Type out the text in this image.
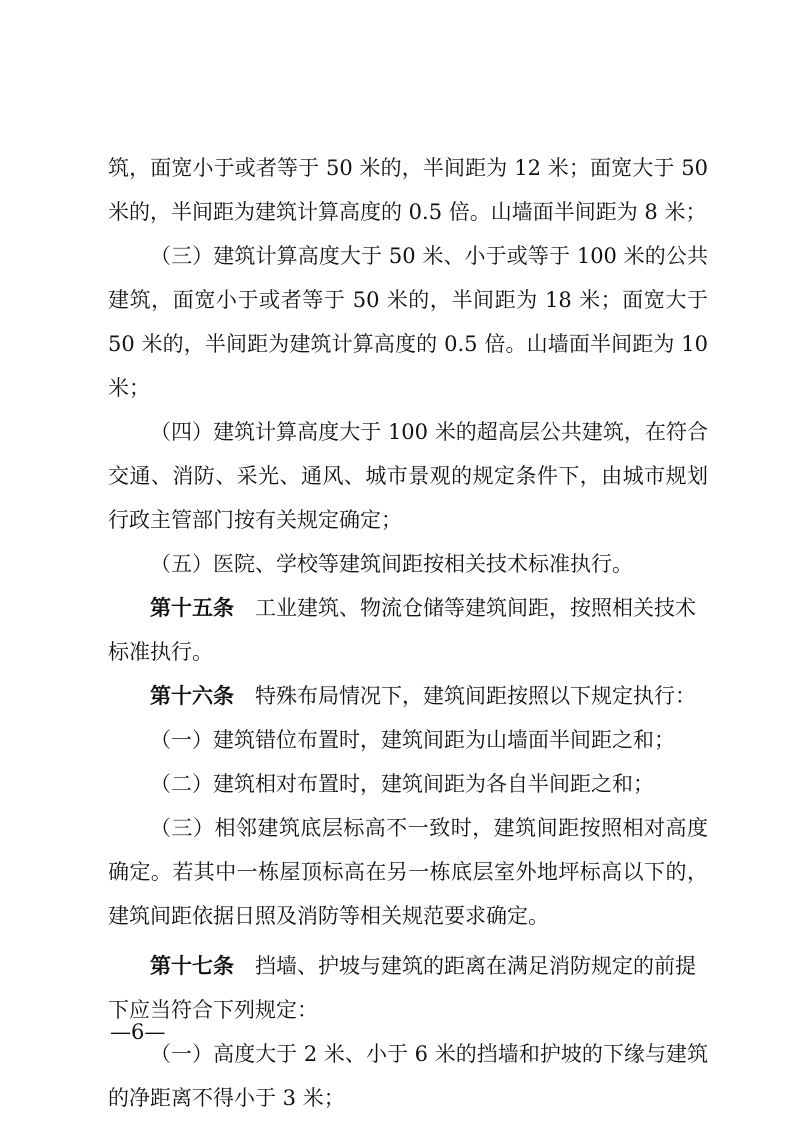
筑，面宽小于或者等于 50 米的，半间距为 12 米；面宽大于 50
米的，半间距为建筑计算高度的 0.5 倍。山墙面半间距为 8 米；
（三）建筑计算高度大于 50 米、小于或等于 100 米的公共
建筑，面宽小于或者等于 50 米的，半间距为 18 米；面宽大于
50 米的，半间距为建筑计算高度的 0.5 倍。山墙面半间距为 10
米；
（四）建筑计算高度大于 100 米的超高层公共建筑，在符合
交通、消防、采光、通风、城市景观的规定条件下，由城市规划
行政主管部门按有关规定确定；
（五）医院、学校等建筑间距按相关技术标准执行。
第十五条　 工业建筑、物流仓储等建筑间距，按照相关技术
标准执行。
第十六条　 特殊布局情况下，建筑间距按照以下规定执行：
（一）建筑错位布置时，建筑间距为山墙面半间距之和；
（二）建筑相对布置时，建筑间距为各自半间距之和；
（三）相邻建筑底层标高不一致时，建筑间距按照相对高度
确定。若其中一栋屋顶标高在另一栋底层室外地坪标高以下的，
建筑间距依据日照及消防等相关规范要求确定。
第十七条　 挡墙、护坡与建筑的距离在满足消防规定的前提
下应当符合下列规定：
（一）高度大于 2 米、小于 6 米的挡墙和护坡的下缘与建筑
的净距离不得小于 3 米；
—6—
